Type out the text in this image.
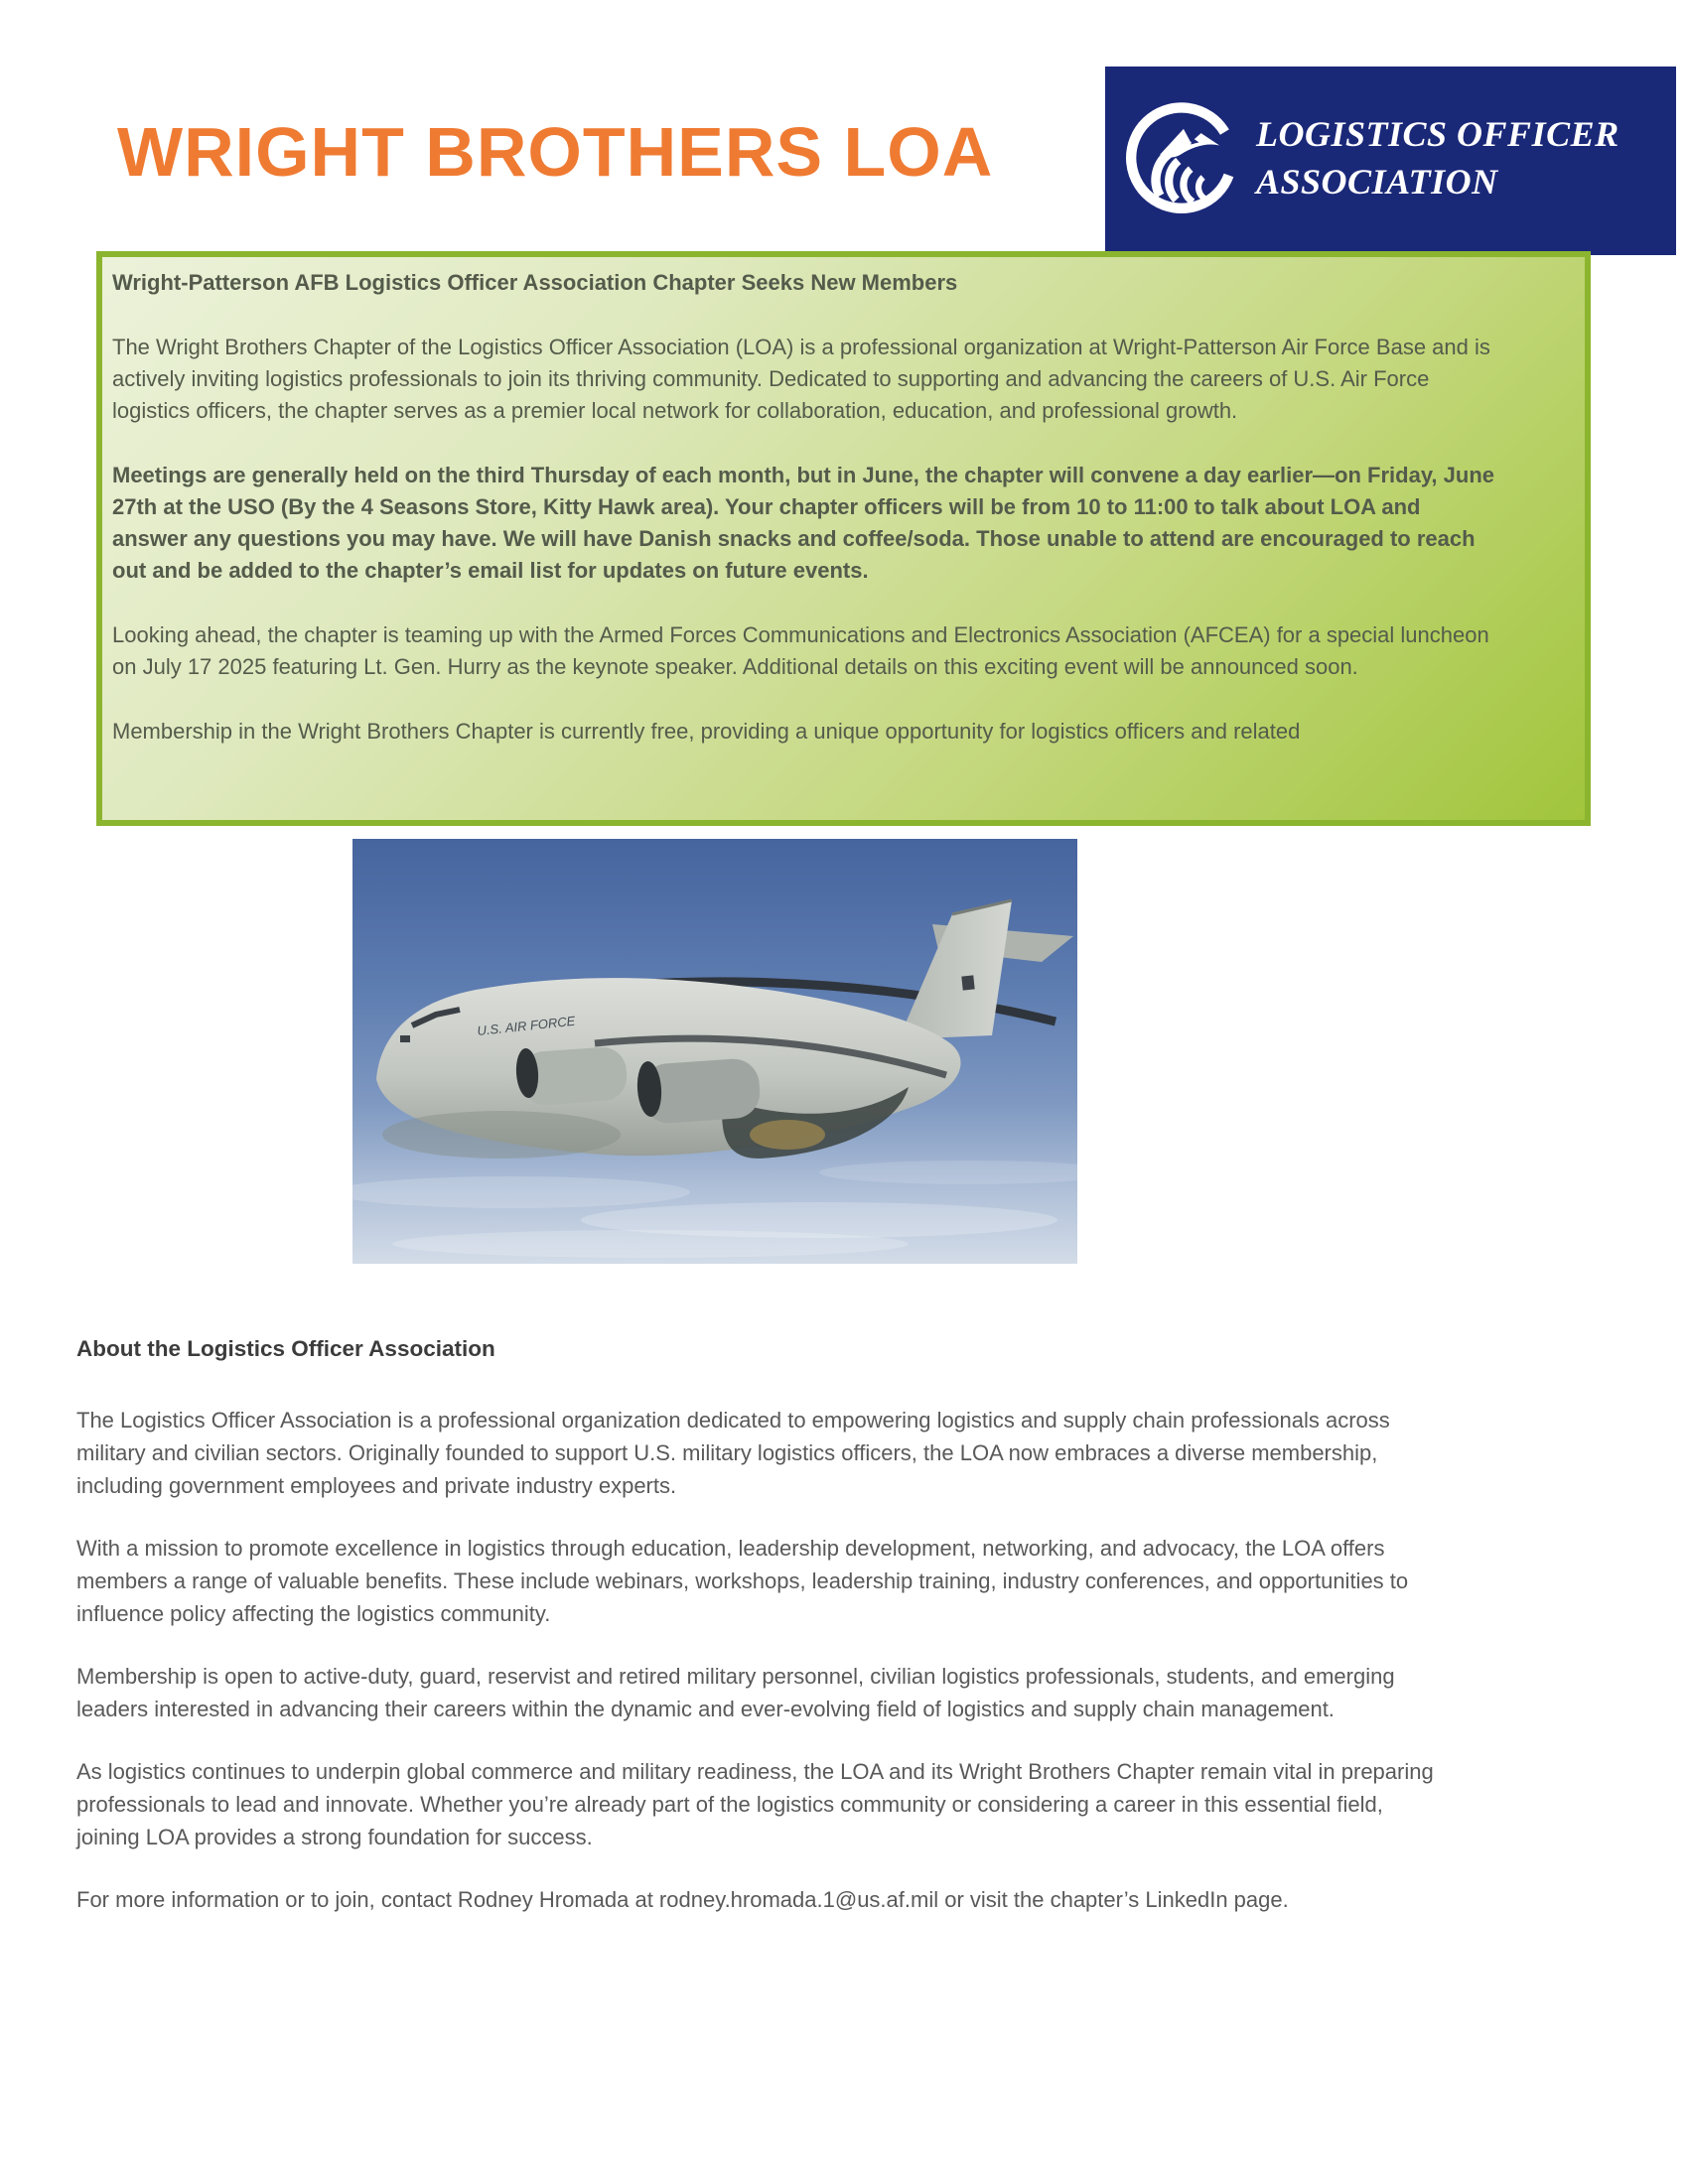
WRIGHT BROTHERS LOA	LOGISTICS OFFICER
ASSOCIATION

Wright-Patterson AFB Logistics Officer Association Chapter Seeks New Members

The Wright Brothers Chapter of the Logistics Officer Association (LOA) is a professional organization at Wright-Patterson Air Force Base and is actively inviting logistics professionals to join its thriving community. Dedicated to supporting and advancing the careers of U.S. Air Force logistics officers, the chapter serves as a premier local network for collaboration, education, and professional growth.

Meetings are generally held on the third Thursday of each month, but in June, the chapter will convene a day earlier—on Friday, June 27th at the USO (By the 4 Seasons Store, Kitty Hawk area). Your chapter officers will be from 10 to 11:00 to talk about LOA and answer any questions you may have. We will have Danish snacks and coffee/soda. Those unable to attend are encouraged to reach out and be added to the chapter’s email list for updates on future events.

Looking ahead, the chapter is teaming up with the Armed Forces Communications and Electronics Association (AFCEA) for a special luncheon on July 17 2025 featuring Lt. Gen. Hurry as the keynote speaker. Additional details on this exciting event will be announced soon.

Membership in the Wright Brothers Chapter is currently free, providing a unique opportunity for logistics officers and related

U.S. AIR FORCE
About the Logistics Officer Association

The Logistics Officer Association is a professional organization dedicated to empowering logistics and supply chain professionals across military and civilian sectors. Originally founded to support U.S. military logistics officers, the LOA now embraces a diverse membership, including government employees and private industry experts.

With a mission to promote excellence in logistics through education, leadership development, networking, and advocacy, the LOA offers members a range of valuable benefits. These include webinars, workshops, leadership training, industry conferences, and opportunities to influence policy affecting the logistics community.

Membership is open to active-duty, guard, reservist and retired military personnel, civilian logistics professionals, students, and emerging leaders interested in advancing their careers within the dynamic and ever-evolving field of logistics and supply chain management.

As logistics continues to underpin global commerce and military readiness, the LOA and its Wright Brothers Chapter remain vital in preparing professionals to lead and innovate. Whether you’re already part of the logistics community or considering a career in this essential field, joining LOA provides a strong foundation for success.

For more information or to join, contact Rodney Hromada at rodney.hromada.1@us.af.mil or visit the chapter’s LinkedIn page.
